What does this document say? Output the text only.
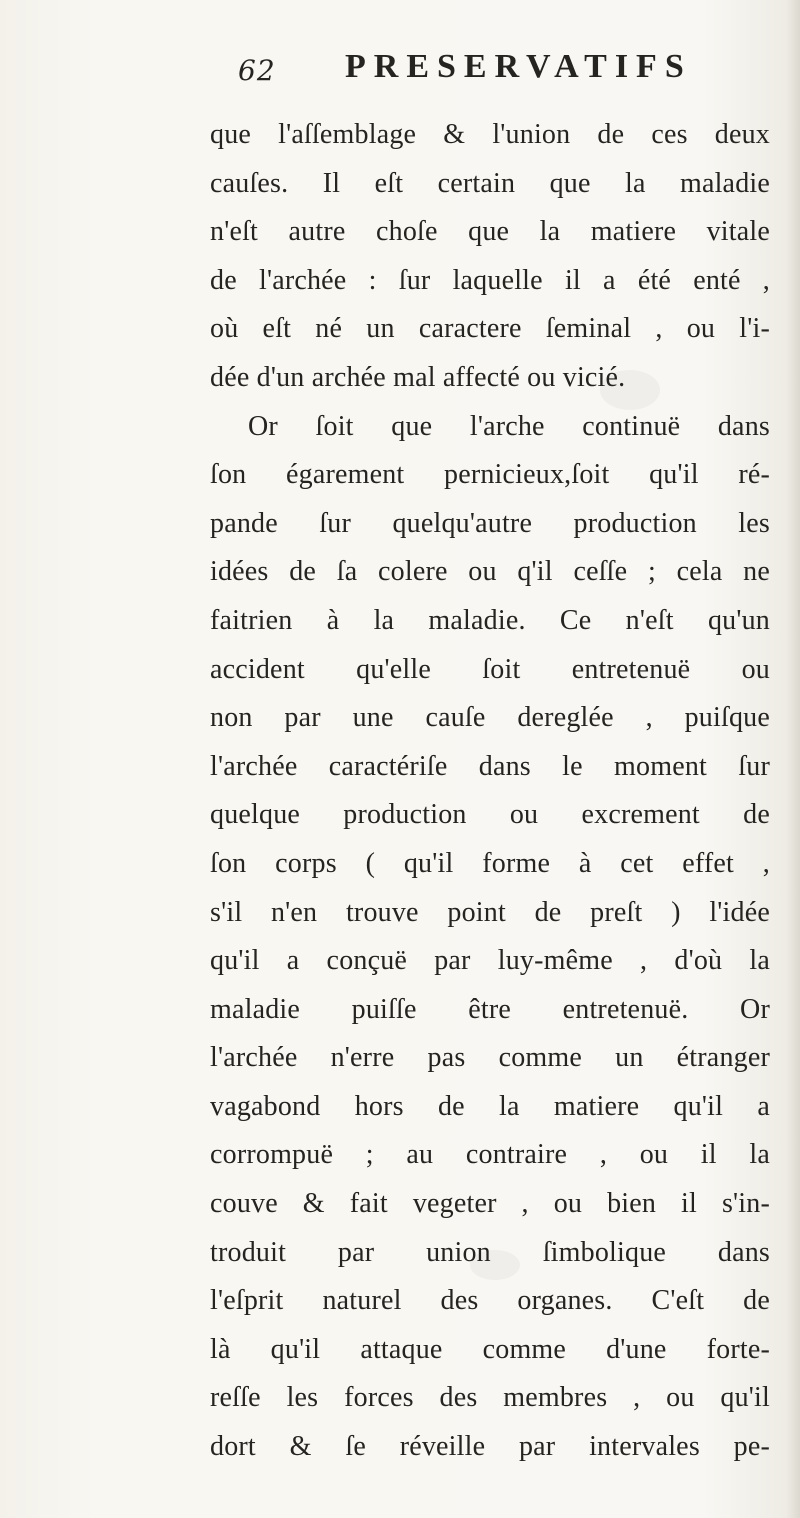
62 PRESERVATIFS
que l'aſſemblage & l'union de ces deux
cauſes. Il eſt certain que la maladie
n'eſt autre choſe que la matiere vitale
de l'archée : ſur laquelle il a été enté ,
où eſt né un caractere ſeminal , ou l'i-
dée d'un archée mal affecté ou vicié.
Or ſoit que l'arche continuë dans
ſon égarement pernicieux,ſoit qu'il ré-
pande ſur quelqu'autre production les
idées de ſa colere ou q'il ceſſe ; cela ne
faitrien à la maladie. Ce n'eſt qu'un
accident qu'elle ſoit entretenuë ou
non par une cauſe dereglée , puiſque
l'archée caractériſe dans le moment ſur
quelque production ou excrement de
ſon corps ( qu'il forme à cet effet ,
s'il n'en trouve point de preſt ) l'idée
qu'il a conçuë par luy-même , d'où la
maladie puiſſe être entretenuë. Or
l'archée n'erre pas comme un étranger
vagabond hors de la matiere qu'il a
corrompuë ; au contraire , ou il la
couve & fait vegeter , ou bien il s'in-
troduit par union ſimbolique dans
l'eſprit naturel des organes. C'eſt de
là qu'il attaque comme d'une forte-
reſſe les forces des membres , ou qu'il
dort & ſe réveille par intervales pe-
